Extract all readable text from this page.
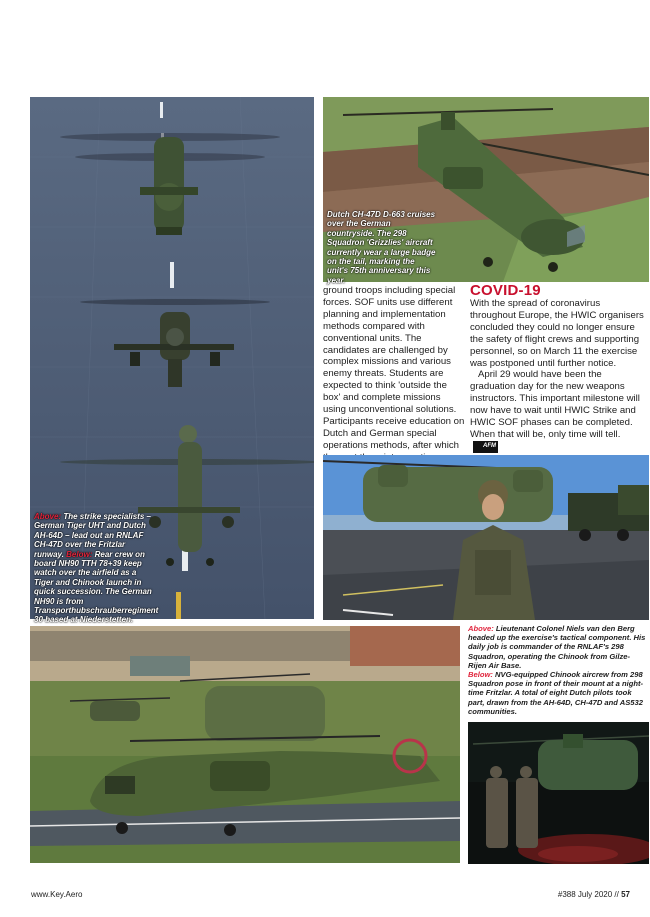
Above: The strike specialists – German Tiger UHT and Dutch AH-64D – lead out an RNLAF CH-47D over the Fritzlar runway. Below: Rear crew on board NH90 TTH 78+39 keep watch over the airfield as a Tiger and Chinook launch in quick succession. The German NH90 is from Transporthubschrauberregiment 30 based at Niederstetten.
Dutch CH-47D D-663 cruises over the German countryside. The 298 Squadron 'Grizzlies' aircraft currently wear a large badge on the tail, marking the unit's 75th anniversary this year.

ground troops including special forces. SOF units use different planning and implementation methods compared with conventional units. The candidates are challenged by complex missions and various enemy threats. Students are expected to think 'outside the box' and complete missions using unconventional solutions. Participants receive education on Dutch and German special operations methods, after which

COVID-19

With the spread of coronavirus throughout Europe, the HWIC organisers concluded they could no longer ensure the safety of flight crews and supporting personnel, so on March 11 the exercise was postponed until further notice.

April 29 would have been the graduation day for the new weapons instructors. This important milestone will now have to wait until HWIC Strike and HWIC SOF phases can be completed. When that will be, only time will tell.AFM

Above: Lieutenant Colonel Niels van den Berg headed up the exercise's tactical component. His daily job is commander of the RNLAF's 298 Squadron, operating the Chinook from Gilze-Rijen Air Base.
Below: NVG-equipped Chinook aircrew from 298 Squadron pose in front of their mount at a night-time Fritzlar. A total of eight Dutch pilots took part, drawn from the AH-64D, CH-47D and AS532 communities.
www.Key.Aero	#388 July 2020 // 57
